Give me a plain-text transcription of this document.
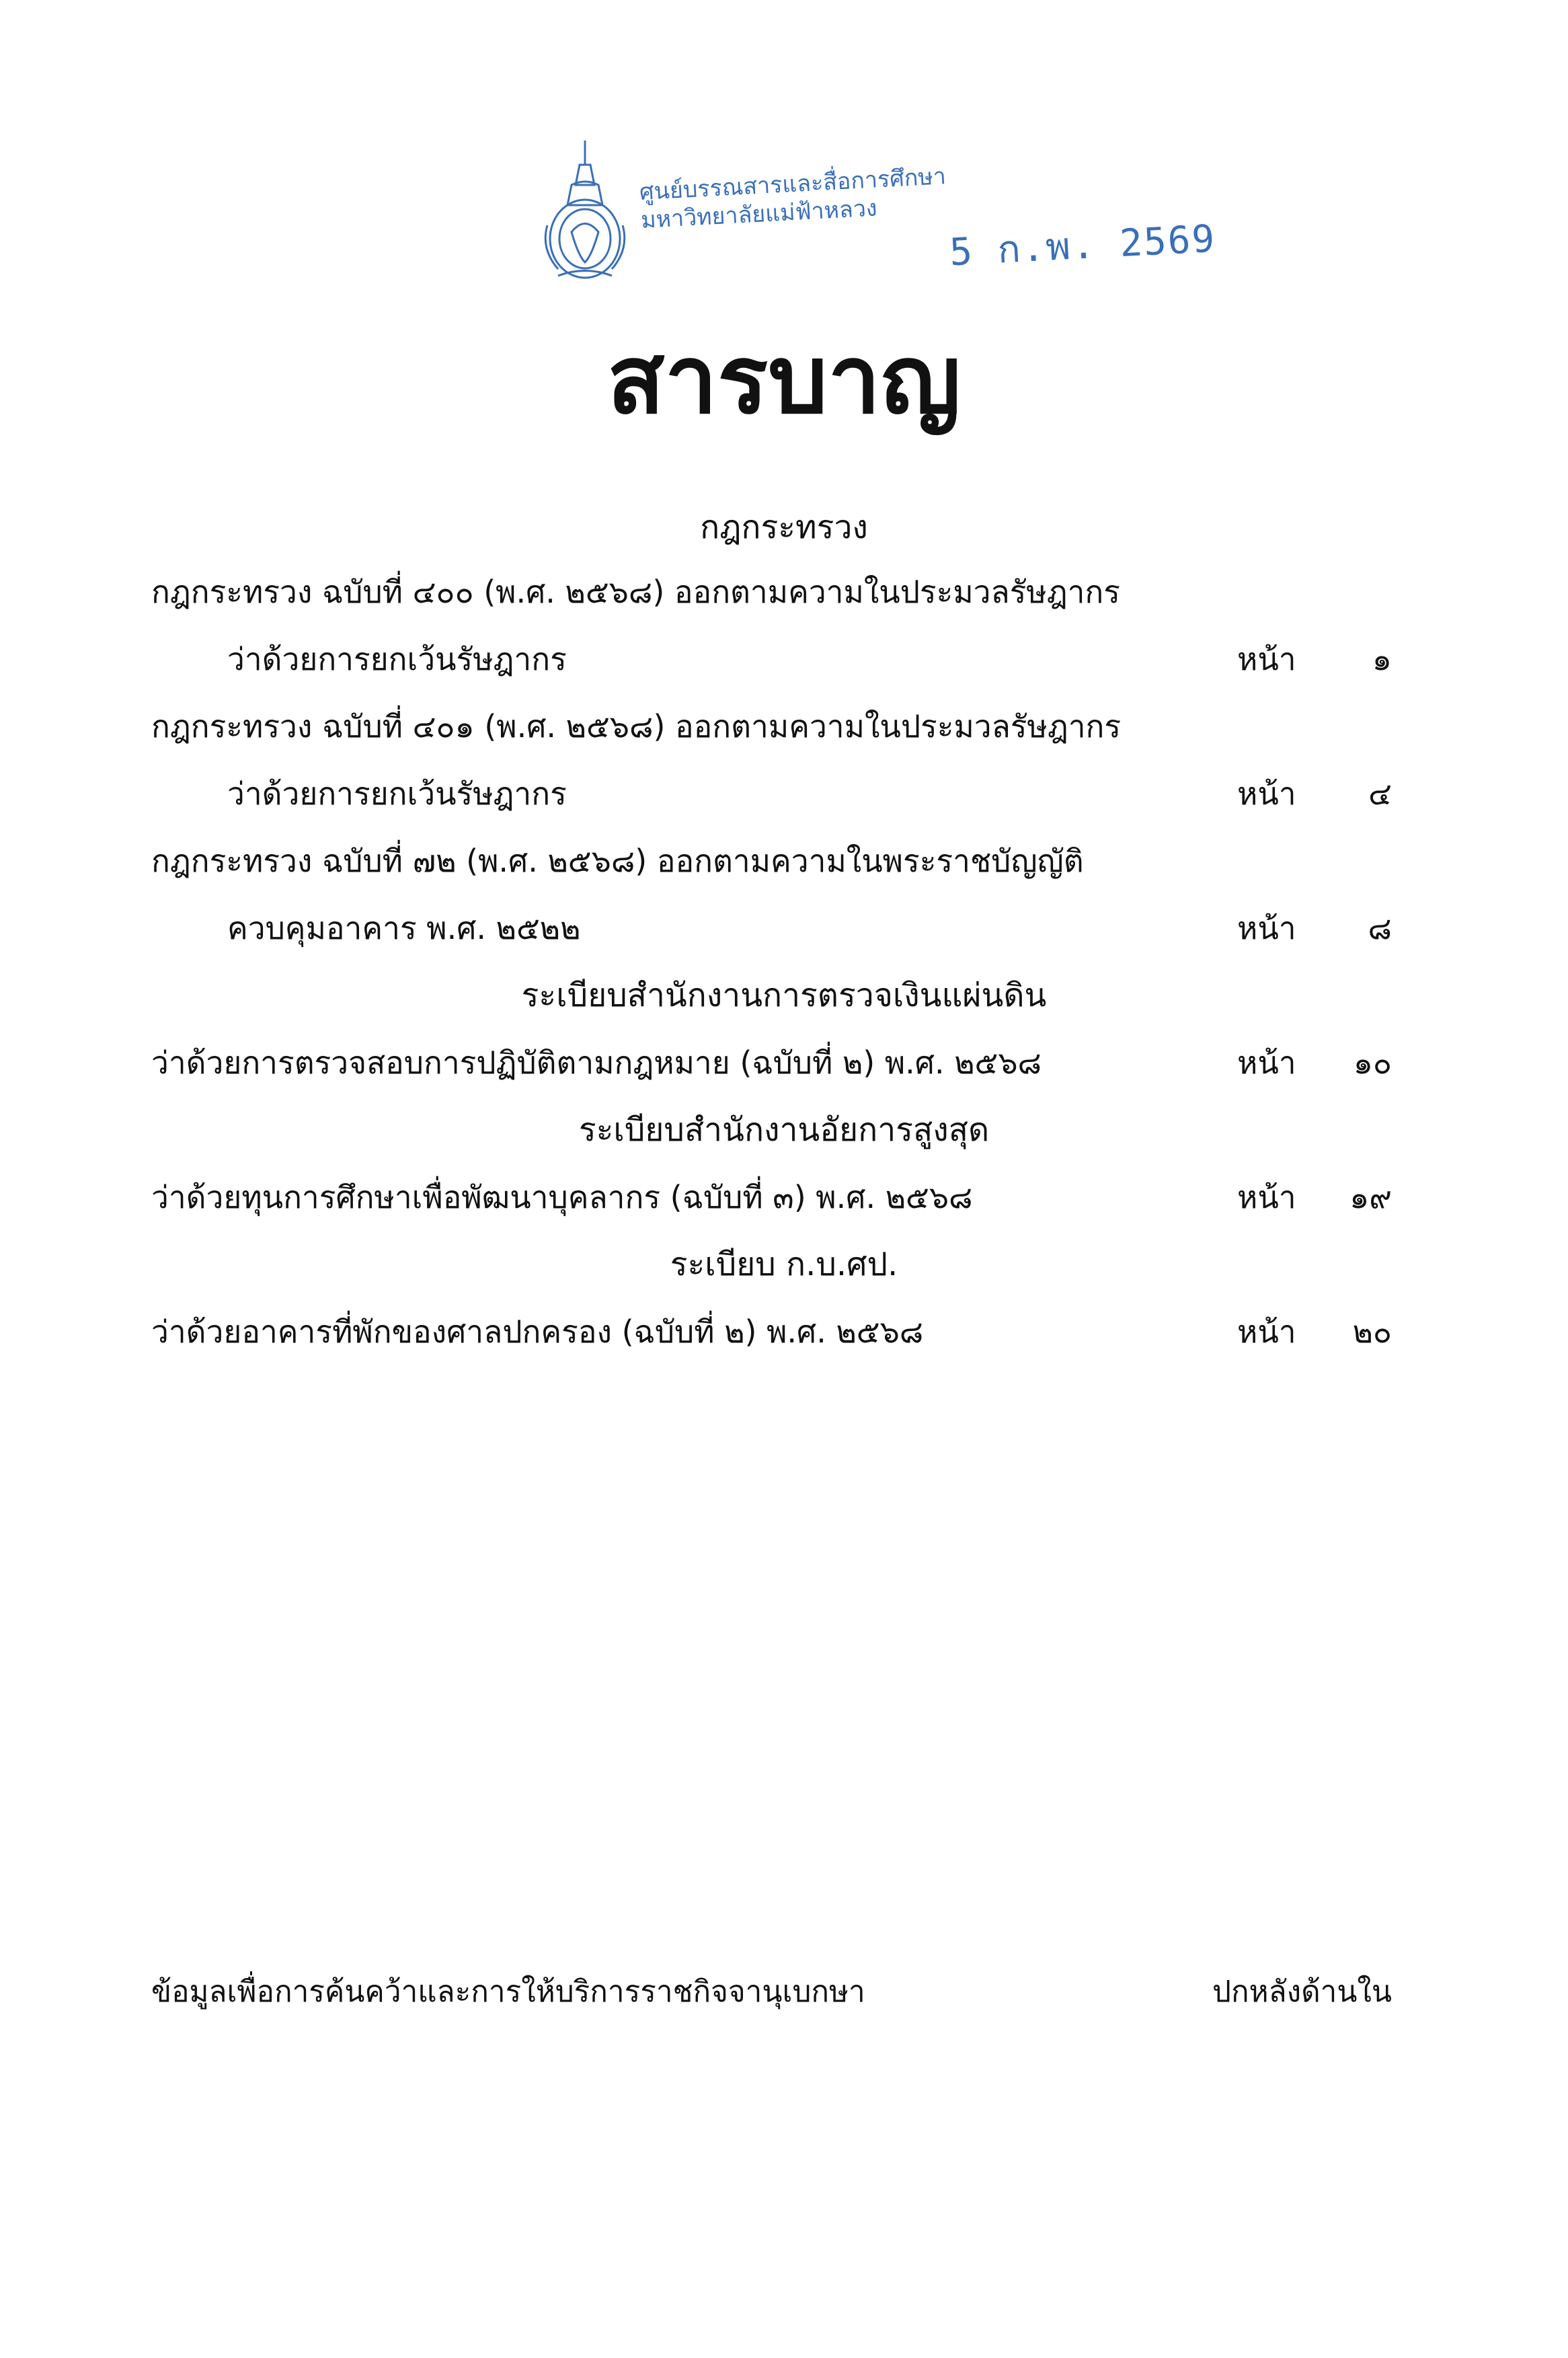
ศูนย์บรรณสารและสื่อการศึกษา
มหาวิทยาลัยแม่ฟ้าหลวง
5 ก.พ. 2569
สารบาญ
กฎกระทรวง
กฎกระทรวง ฉบับที่ ๔๐๐ (พ.ศ. ๒๕๖๘) ออกตามความในประมวลรัษฎากร
ว่าด้วยการยกเว้นรัษฎากร	หน้า ๑
กฎกระทรวง ฉบับที่ ๔๐๑ (พ.ศ. ๒๕๖๘) ออกตามความในประมวลรัษฎากร
ว่าด้วยการยกเว้นรัษฎากร	หน้า ๔
กฎกระทรวง ฉบับที่ ๗๒ (พ.ศ. ๒๕๖๘) ออกตามความในพระราชบัญญัติ
ควบคุมอาคาร พ.ศ. ๒๕๒๒	หน้า ๘
ระเบียบสำนักงานการตรวจเงินแผ่นดิน
ว่าด้วยการตรวจสอบการปฏิบัติตามกฎหมาย (ฉบับที่ ๒) พ.ศ. ๒๕๖๘	หน้า ๑๐
ระเบียบสำนักงานอัยการสูงสุด
ว่าด้วยทุนการศึกษาเพื่อพัฒนาบุคลากร (ฉบับที่ ๓) พ.ศ. ๒๕๖๘	หน้า ๑๙
ระเบียบ ก.บ.ศป.
ว่าด้วยอาคารที่พักของศาลปกครอง (ฉบับที่ ๒) พ.ศ. ๒๕๖๘	หน้า ๒๐
ข้อมูลเพื่อการค้นคว้าและการให้บริการราชกิจจานุเบกษา	ปกหลังด้านใน
